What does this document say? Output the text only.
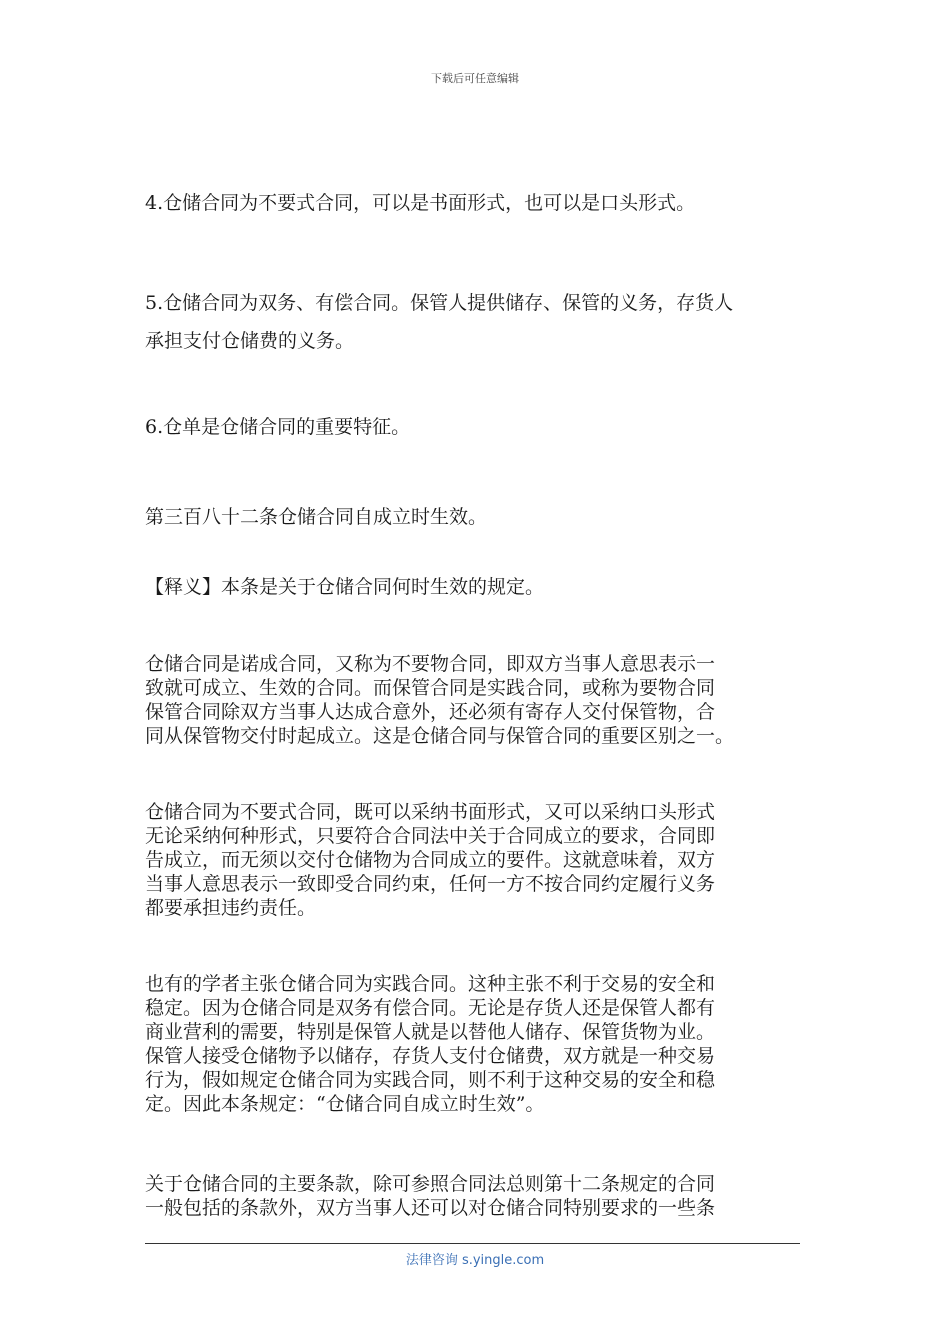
下载后可任意编辑
4.仓储合同为不要式合同，可以是书面形式，也可以是口头形式。
5.仓储合同为双务、有偿合同。保管人提供储存、保管的义务，存货人
承担支付仓储费的义务。
6.仓单是仓储合同的重要特征。
第三百八十二条仓储合同自成立时生效。
【释义】本条是关于仓储合同何时生效的规定。
仓储合同是诺成合同，又称为不要物合同，即双方当事人意思表示一
致就可成立、生效的合同。而保管合同是实践合同，或称为要物合同
保管合同除双方当事人达成合意外，还必须有寄存人交付保管物，合
同从保管物交付时起成立。这是仓储合同与保管合同的重要区别之一。
仓储合同为不要式合同，既可以采纳书面形式，又可以采纳口头形式
无论采纳何种形式，只要符合合同法中关于合同成立的要求，合同即
告成立，而无须以交付仓储物为合同成立的要件。这就意味着，双方
当事人意思表示一致即受合同约束，任何一方不按合同约定履行义务
都要承担违约责任。
也有的学者主张仓储合同为实践合同。这种主张不利于交易的安全和
稳定。因为仓储合同是双务有偿合同。无论是存货人还是保管人都有
商业营利的需要，特别是保管人就是以替他人储存、保管货物为业。
保管人接受仓储物予以储存，存货人支付仓储费，双方就是一种交易
行为，假如规定仓储合同为实践合同，则不利于这种交易的安全和稳
定。因此本条规定：“仓储合同自成立时生效”。
关于仓储合同的主要条款，除可参照合同法总则第十二条规定的合同
一般包括的条款外，双方当事人还可以对仓储合同特别要求的一些条
法律咨询 s.yingle.com
